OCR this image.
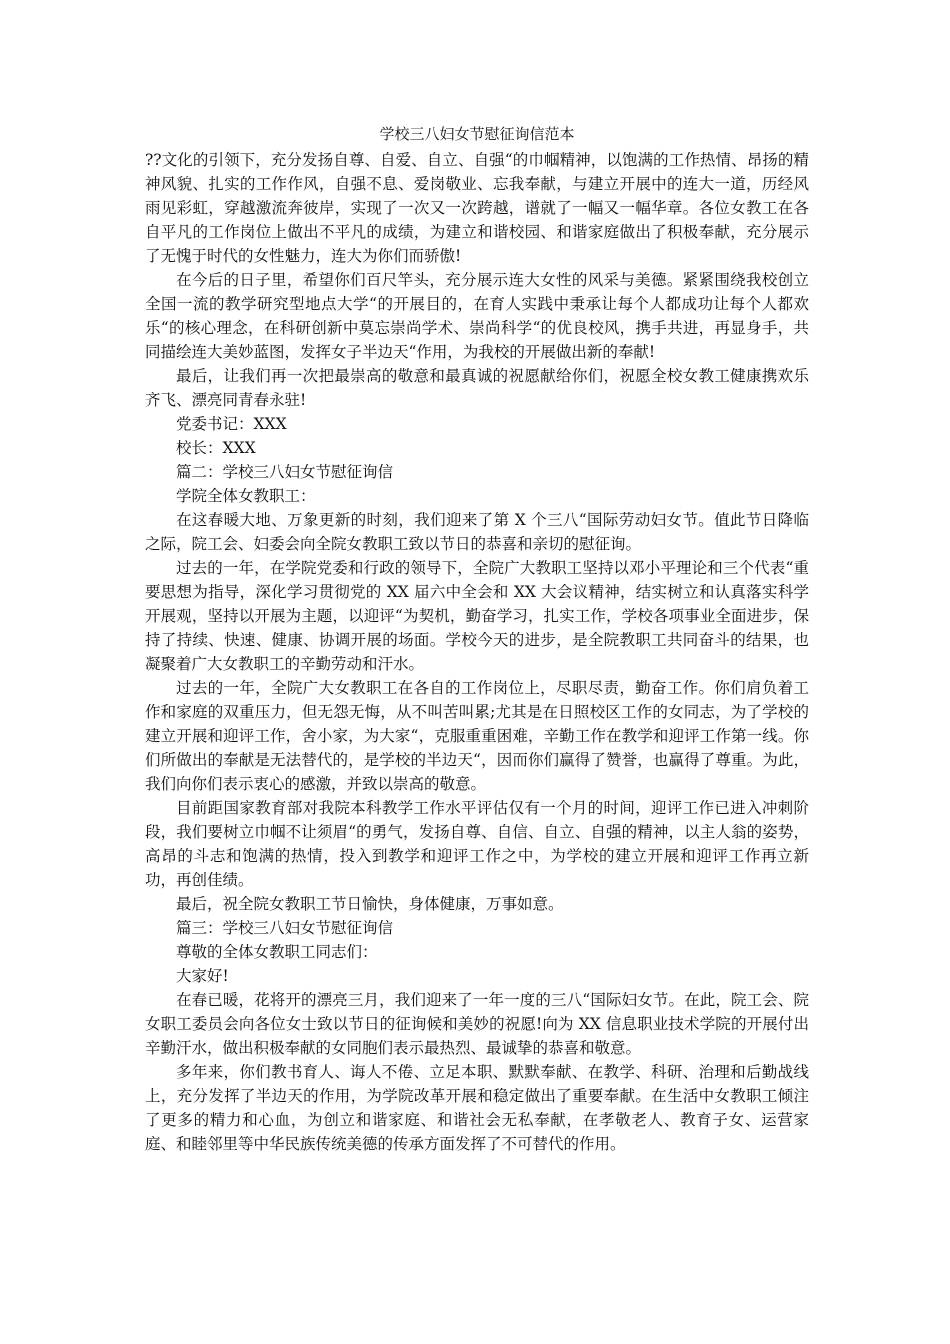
学校三八妇女节慰征询信范本

??文化的引领下，充分发扬自尊、自爱、自立、自强“的巾帼精神，以饱满的工作热情、昂扬的精神风貌、扎实的工作作风，自强不息、爱岗敬业、忘我奉献，与建立开展中的连大一道，历经风雨见彩虹，穿越激流奔彼岸，实现了一次又一次跨越，谱就了一幅又一幅华章。各位女教工在各自平凡的工作岗位上做出不平凡的成绩，为建立和谐校园、和谐家庭做出了积极奉献，充分展示了无愧于时代的女性魅力，连大为你们而骄傲!

在今后的日子里，希望你们百尺竿头，充分展示连大女性的风采与美德。紧紧围绕我校创立全国一流的教学研究型地点大学“的开展目的，在育人实践中秉承让每个人都成功让每个人都欢乐“的核心理念，在科研创新中莫忘崇尚学术、崇尚科学“的优良校风，携手共进，再显身手，共同描绘连大美妙蓝图，发挥女子半边天“作用，为我校的开展做出新的奉献!

最后，让我们再一次把最崇高的敬意和最真诚的祝愿献给你们，祝愿全校女教工健康携欢乐齐飞、漂亮同青春永驻!

党委书记：XXX

校长：XXX

篇二：学校三八妇女节慰征询信

学院全体女教职工：

在这春暖大地、万象更新的时刻，我们迎来了第 X 个三八“国际劳动妇女节。值此节日降临之际，院工会、妇委会向全院女教职工致以节日的恭喜和亲切的慰征询。

过去的一年，在学院党委和行政的领导下，全院广大教职工坚持以邓小平理论和三个代表“重要思想为指导，深化学习贯彻党的 XX 届六中全会和 XX 大会议精神，结实树立和认真落实科学开展观，坚持以开展为主题，以迎评“为契机，勤奋学习，扎实工作，学校各项事业全面进步，保持了持续、快速、健康、协调开展的场面。学校今天的进步，是全院教职工共同奋斗的结果，也凝聚着广大女教职工的辛勤劳动和汗水。

过去的一年，全院广大女教职工在各自的工作岗位上，尽职尽责，勤奋工作。你们肩负着工作和家庭的双重压力，但无怨无悔，从不叫苦叫累;尤其是在日照校区工作的女同志，为了学校的建立开展和迎评工作，舍小家，为大家“，克服重重困难，辛勤工作在教学和迎评工作第一线。你们所做出的奉献是无法替代的，是学校的半边天“，因而你们赢得了赞誉，也赢得了尊重。为此，我们向你们表示衷心的感激，并致以崇高的敬意。

目前距国家教育部对我院本科教学工作水平评估仅有一个月的时间，迎评工作已进入冲刺阶段，我们要树立巾帼不让须眉“的勇气，发扬自尊、自信、自立、自强的精神，以主人翁的姿势，高昂的斗志和饱满的热情，投入到教学和迎评工作之中，为学校的建立开展和迎评工作再立新功，再创佳绩。

最后，祝全院女教职工节日愉快，身体健康，万事如意。

篇三：学校三八妇女节慰征询信

尊敬的全体女教职工同志们：

大家好!

在春已暖，花将开的漂亮三月，我们迎来了一年一度的三八“国际妇女节。在此，院工会、院女职工委员会向各位女士致以节日的征询候和美妙的祝愿!向为 XX 信息职业技术学院的开展付出辛勤汗水，做出积极奉献的女同胞们表示最热烈、最诚挚的恭喜和敬意。

多年来，你们教书育人、诲人不倦、立足本职、默默奉献、在教学、科研、治理和后勤战线上，充分发挥了半边天的作用，为学院改革开展和稳定做出了重要奉献。在生活中女教职工倾注了更多的精力和心血，为创立和谐家庭、和谐社会无私奉献，在孝敬老人、教育子女、运营家庭、和睦邻里等中华民族传统美德的传承方面发挥了不可替代的作用。
